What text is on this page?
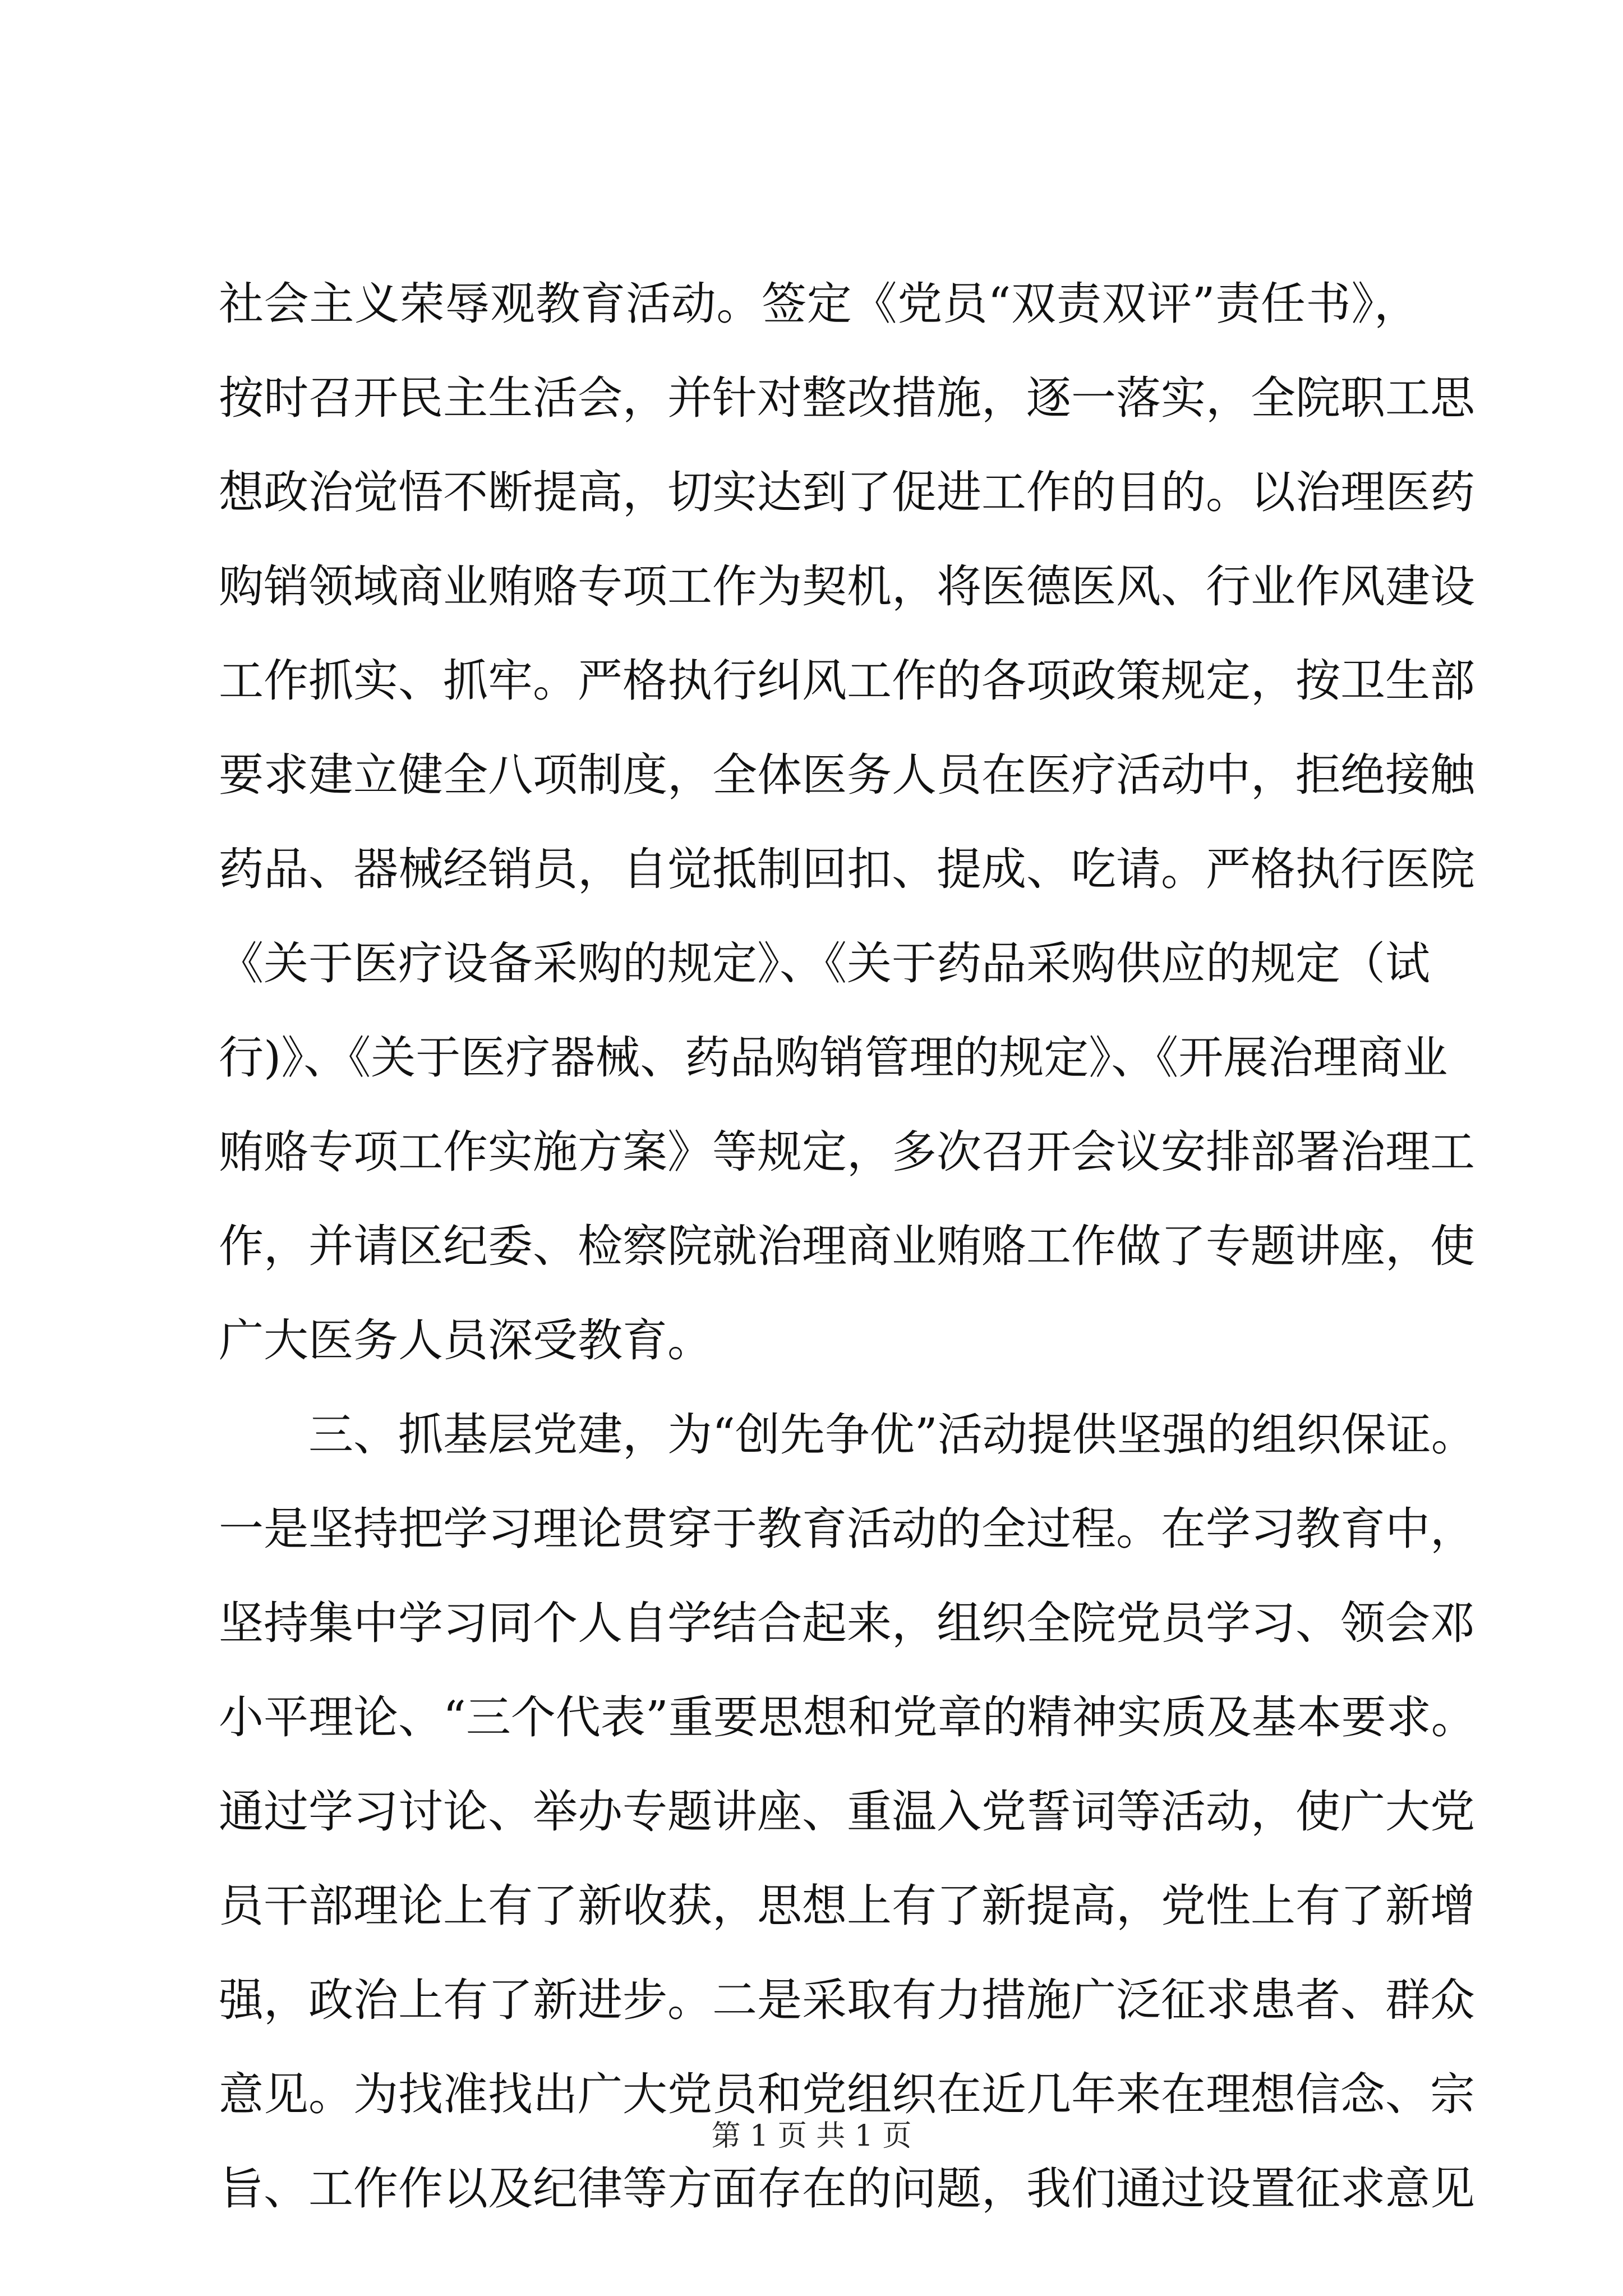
社会主义荣辱观教育活动。签定《党员“双责双评”责任书》，
按时召开民主生活会，并针对整改措施，逐一落实，全院职工思
想政治觉悟不断提高，切实达到了促进工作的目的。以治理医药
购销领域商业贿赂专项工作为契机，将医德医风、行业作风建设
工作抓实、抓牢。严格执行纠风工作的各项政策规定，按卫生部
要求建立健全八项制度，全体医务人员在医疗活动中，拒绝接触
药品、器械经销员，自觉抵制回扣、提成、吃请。严格执行医院
《关于医疗设备采购的规定》、《关于药品采购供应的规定（试
行)》、《关于医疗器械、药品购销管理的规定》、《开展治理商业
贿赂专项工作实施方案》等规定，多次召开会议安排部署治理工
作，并请区纪委、检察院就治理商业贿赂工作做了专题讲座，使
广大医务人员深受教育。
三、抓基层党建，为“创先争优”活动提供坚强的组织保证。
一是坚持把学习理论贯穿于教育活动的全过程。在学习教育中，
坚持集中学习同个人自学结合起来，组织全院党员学习、领会邓
小平理论、“三个代表”重要思想和党章的精神实质及基本要求。
通过学习讨论、举办专题讲座、重温入党誓词等活动，使广大党
员干部理论上有了新收获，思想上有了新提高，党性上有了新增
强，政治上有了新进步。二是采取有力措施广泛征求患者、群众
意见。为找准找出广大党员和党组织在近几年来在理想信念、宗
旨、工作作以及纪律等方面存在的问题，我们通过设置征求意见
第 1 页 共 1 页
